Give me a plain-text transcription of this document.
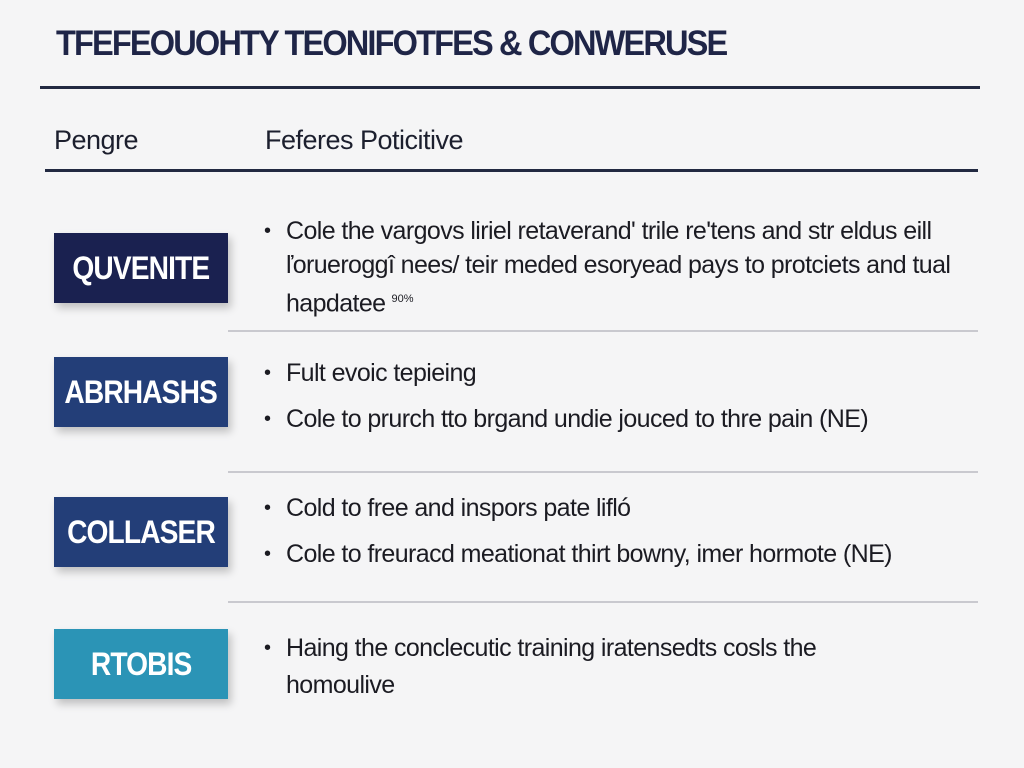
TFEFEOUOHTY TEONIFOTFES & CONWERUSE
Pengre	Feferes Poticitive
QUVENITE
• Cole the vargovs liriel retaverand' trile re'tens and str eldus eill ľorueroggî nees/ teir meded esoryead pays to protciets and tual hapdatee $^{90\%}$
ABRHASHS
• Fult evoic tepieing
• Cole to prurch tto brgand undie jouced to thre pain (NE)
COLLASER
• Cold to free and inspors pate lifló
• Cole to freuracd meationat thirt bowny, imer hormote (NE)
RTOBIS
•	Haing the conclecutic training iratensedts cosls the homoulive
